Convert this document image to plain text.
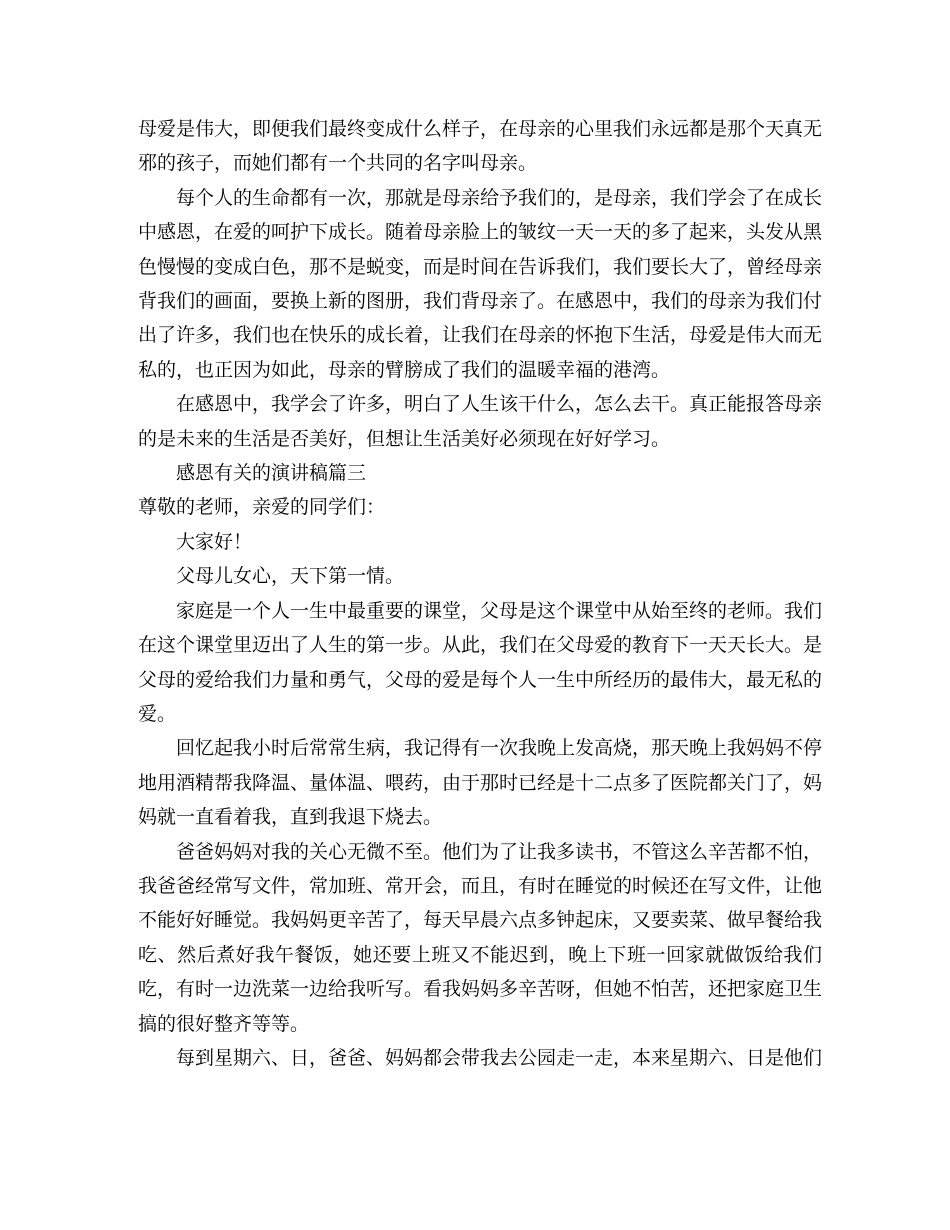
母爱是伟大，即便我们最终变成什么样子，在母亲的心里我们永远都是那个天真无邪的孩子，而她们都有一个共同的名字叫母亲。

每个人的生命都有一次，那就是母亲给予我们的，是母亲，我们学会了在成长中感恩，在爱的呵护下成长。随着母亲脸上的皱纹一天一天的多了起来，头发从黑色慢慢的变成白色，那不是蜕变，而是时间在告诉我们，我们要长大了，曾经母亲背我们的画面，要换上新的图册，我们背母亲了。在感恩中，我们的母亲为我们付出了许多，我们也在快乐的成长着，让我们在母亲的怀抱下生活，母爱是伟大而无私的，也正因为如此，母亲的臂膀成了我们的温暖幸福的港湾。

在感恩中，我学会了许多，明白了人生该干什么，怎么去干。真正能报答母亲的是未来的生活是否美好，但想让生活美好必须现在好好学习。

感恩有关的演讲稿篇三

尊敬的老师，亲爱的同学们：

大家好！

父母儿女心，天下第一情。

家庭是一个人一生中最重要的课堂，父母是这个课堂中从始至终的老师。我们在这个课堂里迈出了人生的第一步。从此，我们在父母爱的教育下一天天长大。是父母的爱给我们力量和勇气，父母的爱是每个人一生中所经历的最伟大，最无私的爱。

回忆起我小时后常常生病，我记得有一次我晚上发高烧，那天晚上我妈妈不停地用酒精帮我降温、量体温、喂药，由于那时已经是十二点多了医院都关门了，妈妈就一直看着我，直到我退下烧去。

爸爸妈妈对我的关心无微不至。他们为了让我多读书，不管这么辛苦都不怕，我爸爸经常写文件，常加班、常开会，而且，有时在睡觉的时候还在写文件，让他不能好好睡觉。我妈妈更辛苦了，每天早晨六点多钟起床，又要卖菜、做早餐给我吃、然后煮好我午餐饭，她还要上班又不能迟到，晚上下班一回家就做饭给我们吃，有时一边洗菜一边给我听写。看我妈妈多辛苦呀，但她不怕苦，还把家庭卫生搞的很好整齐等等。

每到星期六、日，爸爸、妈妈都会带我去公园走一走，本来星期六、日是他们
